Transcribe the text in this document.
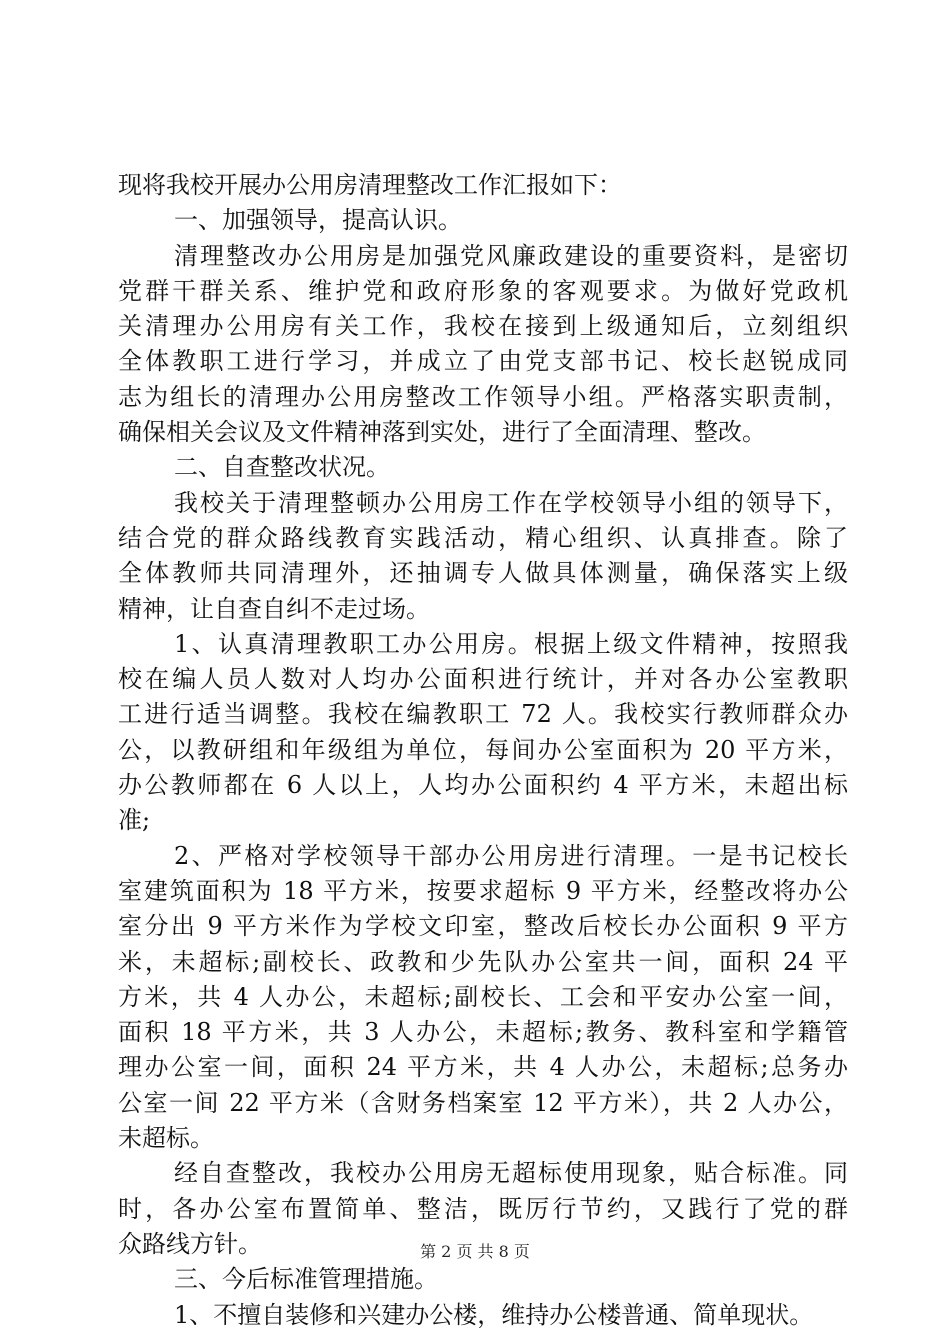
现将我校开展办公用房清理整改工作汇报如下：
一、加强领导，提高认识。
清理整改办公用房是加强党风廉政建设的重要资料，是密切
党群干群关系、维护党和政府形象的客观要求。为做好党政机
关清理办公用房有关工作，我校在接到上级通知后，立刻组织
全体教职工进行学习，并成立了由党支部书记、校长赵锐成同
志为组长的清理办公用房整改工作领导小组。严格落实职责制，
确保相关会议及文件精神落到实处，进行了全面清理、整改。
二、自查整改状况。
我校关于清理整顿办公用房工作在学校领导小组的领导下，
结合党的群众路线教育实践活动，精心组织、认真排查。除了
全体教师共同清理外，还抽调专人做具体测量，确保落实上级
精神，让自查自纠不走过场。
1、认真清理教职工办公用房。根据上级文件精神，按照我
校在编人员人数对人均办公面积进行统计，并对各办公室教职
工进行适当调整。我校在编教职工 72 人。我校实行教师群众办
公，以教研组和年级组为单位，每间办公室面积为 20 平方米，
办公教师都在 6 人以上，人均办公面积约 4 平方米，未超出标
准;
2、严格对学校领导干部办公用房进行清理。一是书记校长
室建筑面积为 18 平方米，按要求超标 9 平方米，经整改将办公
室分出 9 平方米作为学校文印室，整改后校长办公面积 9 平方
米，未超标;副校长、政教和少先队办公室共一间，面积 24 平
方米，共 4 人办公，未超标;副校长、工会和平安办公室一间，
面积 18 平方米，共 3 人办公，未超标;教务、教科室和学籍管
理办公室一间，面积 24 平方米，共 4 人办公，未超标;总务办
公室一间 22 平方米（含财务档案室 12 平方米），共 2 人办公，
未超标。
经自查整改，我校办公用房无超标使用现象，贴合标准。同
时，各办公室布置简单、整洁，既厉行节约，又践行了党的群
众路线方针。
三、今后标准管理措施。
1、不擅自装修和兴建办公楼，维持办公楼普通、简单现状。
第 2 页 共 8 页
